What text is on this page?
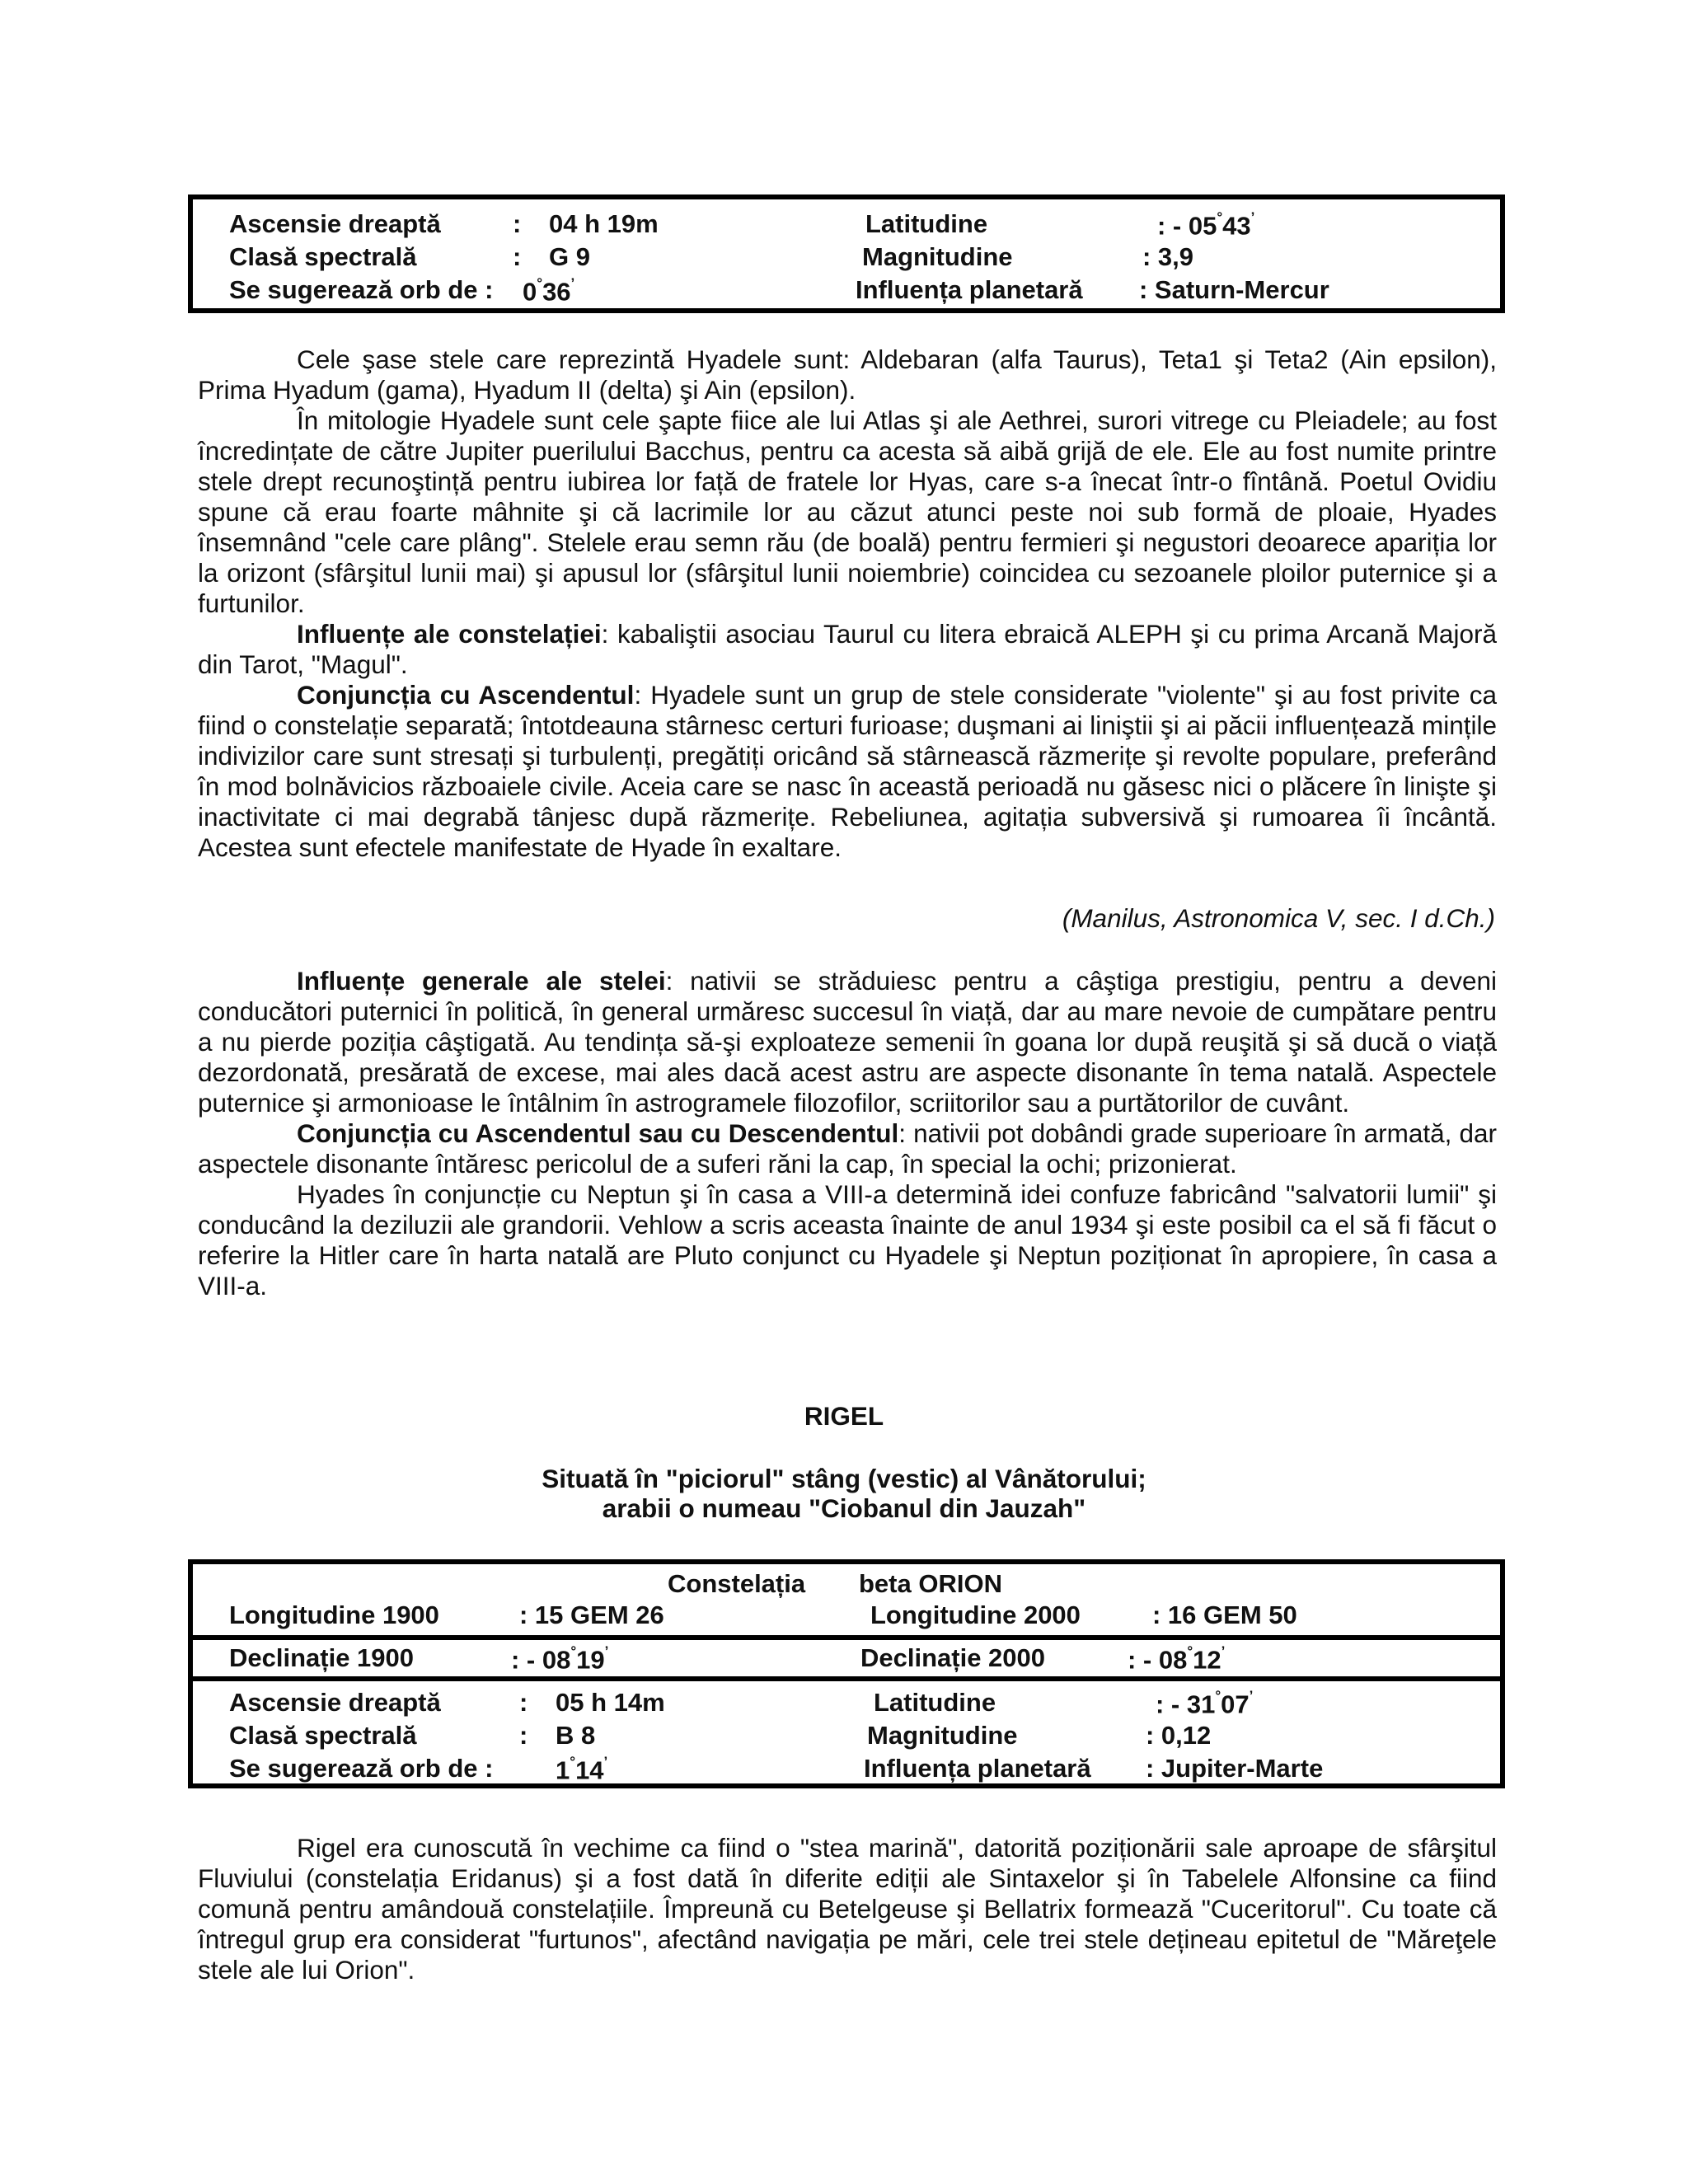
Ascensie dreaptă	: 04 h 19m	Latitudine	: - 05°43’
Clasă spectrală	: G 9	Magnitudine	: 3,9
Se sugerează orb de : 0°36’	Influența planetară : Saturn-Mercur

Cele şase stele care reprezintă Hyadele sunt: Aldebaran (alfa Taurus), Teta1 şi Teta2 (Ain epsilon), Prima Hyadum (gama), Hyadum II (delta) şi Ain (epsilon).

În mitologie Hyadele sunt cele şapte fiice ale lui Atlas şi ale Aethrei, surori vitrege cu Pleiadele; au fost încredințate de către Jupiter puerilului Bacchus, pentru ca acesta să aibă grijă de ele. Ele au fost numite printre stele drept recunoştință pentru iubirea lor față de fratele lor Hyas, care s-a înecat într-o fîntână. Poetul Ovidiu spune că erau foarte mâhnite şi că lacrimile lor au căzut atunci peste noi sub formă de ploaie, Hyades însemnând "cele care plâng". Stelele erau semn rău (de boală) pentru fermieri şi negustori deoarece apariția lor la orizont (sfârşitul lunii mai) şi apusul lor (sfârşitul lunii noiembrie) coincidea cu sezoanele ploilor puternice şi a furtunilor.

Influențe ale constelației: kabaliştii asociau Taurul cu litera ebraică ALEPH şi cu prima Arcană Majoră din Tarot, "Magul".

Conjuncția cu Ascendentul: Hyadele sunt un grup de stele considerate "violente" şi au fost privite ca fiind o constelație separată; întotdeauna stârnesc certuri furioase; duşmani ai liniştii şi ai păcii influențează mințile indivizilor care sunt stresați şi turbulenți, pregătiți oricând să stârnească răzmerițe şi revolte populare, preferând în mod bolnăvicios războaiele civile. Aceia care se nasc în această perioadă nu găsesc nici o plăcere în linişte şi inactivitate ci mai degrabă tânjesc după răzmerițe. Rebeliunea, agitația subversivă şi rumoarea îi încântă. Acestea sunt efectele manifestate de Hyade în exaltare.

(Manilus, Astronomica V, sec. I d.Ch.)

Influențe generale ale stelei: nativii se străduiesc pentru a câştiga prestigiu, pentru a deveni conducători puternici în politică, în general urmăresc succesul în viață, dar au mare nevoie de cumpătare pentru a nu pierde poziția câştigată. Au tendința să-şi exploateze semenii în goana lor după reuşită şi să ducă o viață dezordonată, presărată de excese, mai ales dacă acest astru are aspecte disonante în tema natală. Aspectele puternice şi armonioase le întâlnim în astrogramele filozofilor, scriitorilor sau a purtătorilor de cuvânt.

Conjuncția cu Ascendentul sau cu Descendentul: nativii pot dobândi grade superioare în armată, dar aspectele disonante întăresc pericolul de a suferi răni la cap, în special la ochi; prizonierat.

Hyades în conjuncție cu Neptun şi în casa a VIII-a determină idei confuze fabricând "salvatorii lumii" şi conducând la deziluzii ale grandorii. Vehlow a scris aceasta înainte de anul 1934 şi este posibil ca el să fi făcut o referire la Hitler care în harta natală are Pluto conjunct cu Hyadele şi Neptun poziționat în apropiere, în casa a VIII-a.

RIGEL
Situată în "piciorul" stâng (vestic) al Vânătorului;
arabii o numeau "Ciobanul din Jauzah"
Constelația beta ORION
Longitudine 1900	: 15 GEM 26	Longitudine 2000	: 16 GEM 50
Declinație 1900	: - 08°19’	Declinație 2000	: - 08°12’
Ascensie dreaptă	: 05 h 14m	Latitudine	: - 31°07’
Clasă spectrală	: B 8	Magnitudine	: 0,12
Se sugerează orb de : 1°14’	Influența planetară : Jupiter-Marte

Rigel era cunoscută în vechime ca fiind o "stea marină", datorită poziționării sale aproape de sfârşitul Fluviului (constelația Eridanus) şi a fost dată în diferite ediții ale Sintaxelor şi în Tabelele Alfonsine ca fiind comună pentru amândouă constelațiile. Împreună cu Betelgeuse şi Bellatrix formează "Cuceritorul". Cu toate că întregul grup era considerat "furtunos", afectând navigația pe mări, cele trei stele dețineau epitetul de "Măreţele stele ale lui Orion".
